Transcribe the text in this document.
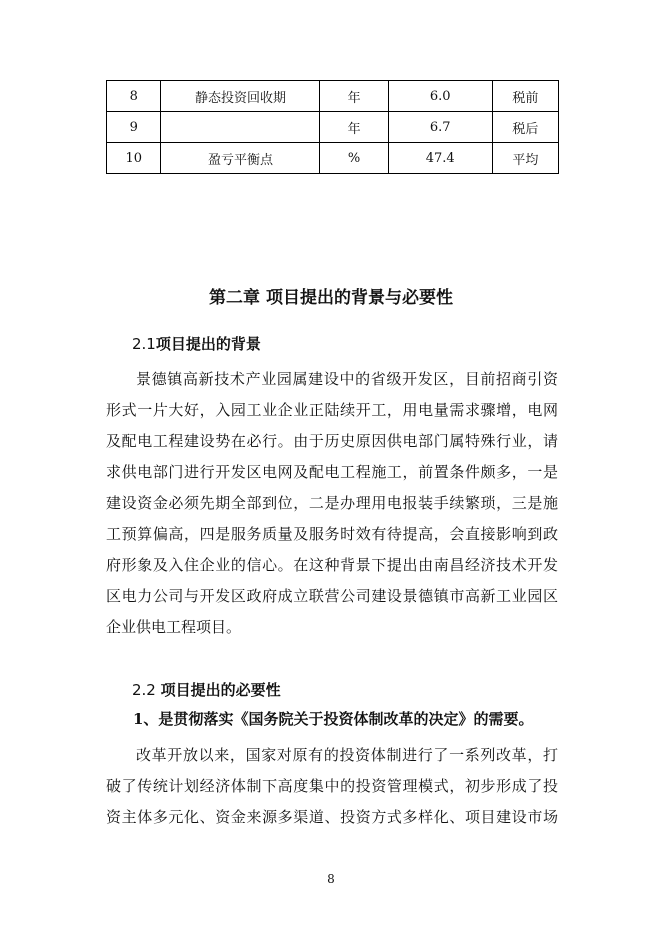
8	静态投资回收期	年	6.0	税前
9		年	6.7	税后
10	盈亏平衡点	%	47.4	平均
第二章 项目提出的背景与必要性
2.1项目提出的背景
景德镇高新技术产业园属建设中的省级开发区，目前招商引资
形式一片大好，入园工业企业正陆续开工，用电量需求骤增，电网
及配电工程建设势在必行。由于历史原因供电部门属特殊行业，请
求供电部门进行开发区电网及配电工程施工，前置条件颇多，一是
建设资金必须先期全部到位，二是办理用电报装手续繁琐，三是施
工预算偏高，四是服务质量及服务时效有待提高，会直接影响到政
府形象及入住企业的信心。在这种背景下提出由南昌经济技术开发
区电力公司与开发区政府成立联营公司建设景德镇市高新工业园区
企业供电工程项目。
2.2 项目提出的必要性
1、是贯彻落实《国务院关于投资体制改革的决定》的需要。
改革开放以来，国家对原有的投资体制进行了一系列改革，打
破了传统计划经济体制下高度集中的投资管理模式，初步形成了投
资主体多元化、资金来源多渠道、投资方式多样化、项目建设市场
8
